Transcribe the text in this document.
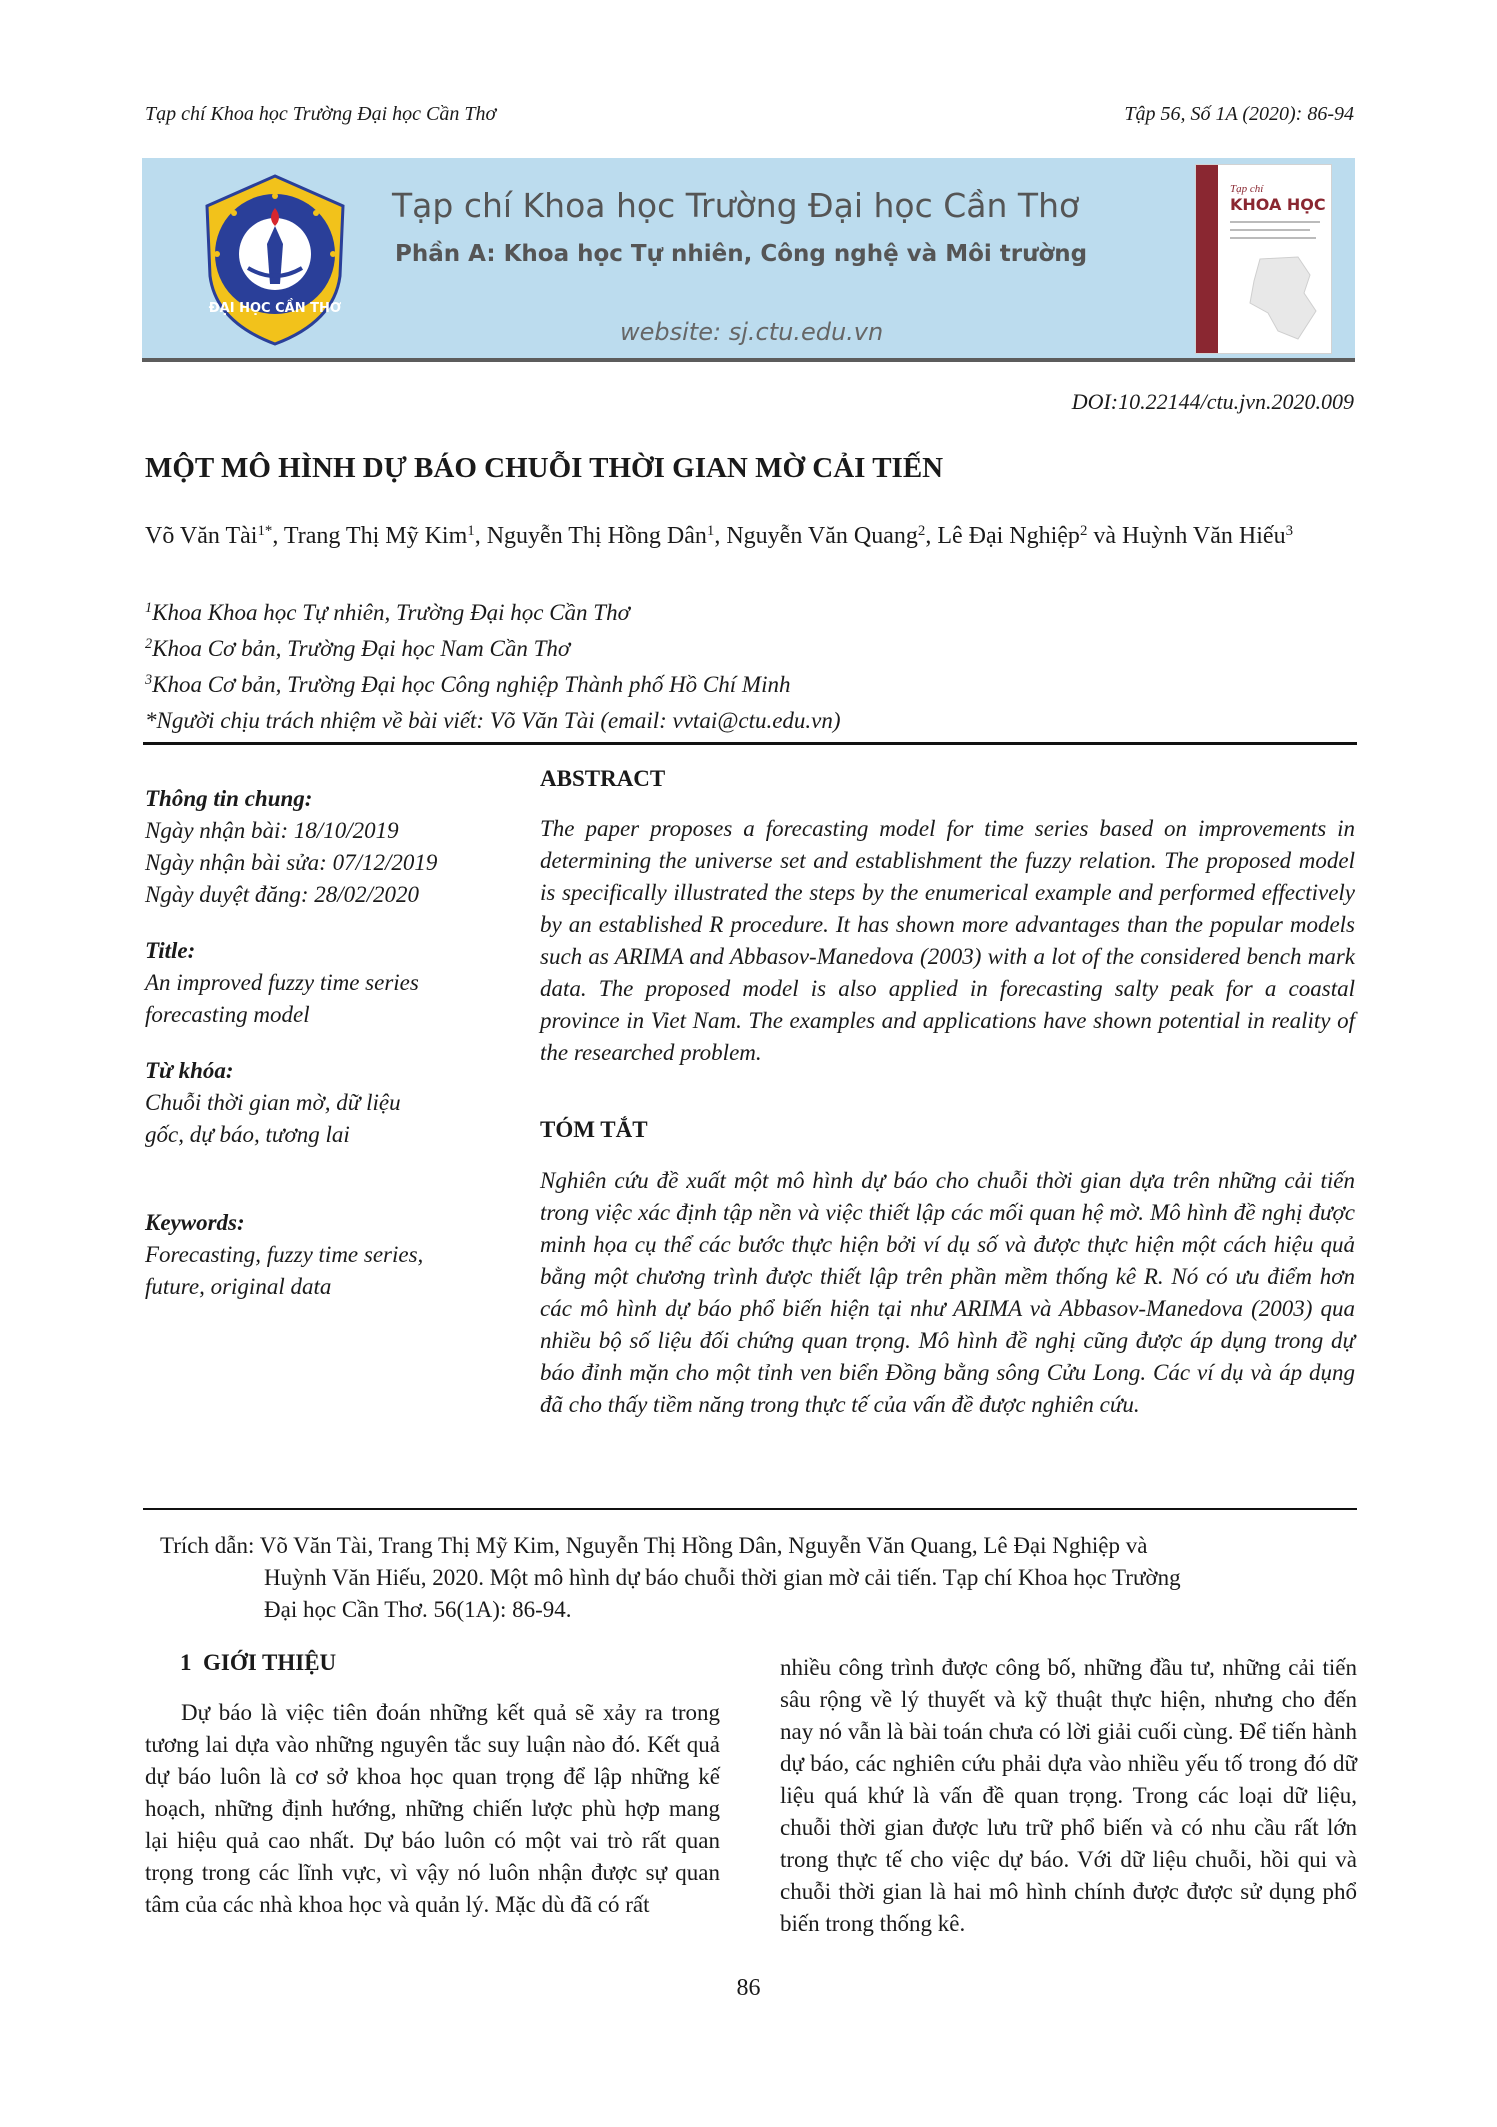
Tạp chí Khoa học Trường Đại học Cần Thơ	Tập 56, Số 1A (2020): 86-94
ĐẠI HỌC CẦN THƠ
Tạp chí Khoa học Trường Đại học Cần Thơ
Phần A: Khoa học Tự nhiên, Công nghệ và Môi trường
website: sj.ctu.edu.vn
Tạp chí
KHOA HỌC
DOI:10.22144/ctu.jvn.2020.009
MỘT MÔ HÌNH DỰ BÁO CHUỖI THỜI GIAN MỜ CẢI TIẾN
Võ Văn Tài$^{1*}$, Trang Thị Mỹ Kim$^1$, Nguyễn Thị Hồng Dân$^1$, Nguyễn Văn Quang$^2$, Lê Đại Nghiệp$^2$ và Huỳnh Văn Hiếu$^3$
$^1$Khoa Khoa học Tự nhiên, Trường Đại học Cần Thơ
$^2$Khoa Cơ bản, Trường Đại học Nam Cần Thơ
$^3$Khoa Cơ bản, Trường Đại học Công nghiệp Thành phố Hồ Chí Minh
*Người chịu trách nhiệm về bài viết: Võ Văn Tài (email: vvtai@ctu.edu.vn)
Thông tin chung:
Ngày nhận bài: 18/10/2019
Ngày nhận bài sửa: 07/12/2019
Ngày duyệt đăng: 28/02/2020
Title:
An improved fuzzy time series
forecasting model
Từ khóa:
Chuỗi thời gian mờ, dữ liệu
gốc, dự báo, tương lai
Keywords:
Forecasting, fuzzy time series,
future, original data
ABSTRACT
The paper proposes a forecasting model for time series based on improvements in determining the universe set and establishment the fuzzy relation. The proposed model is specifically illustrated the steps by the enumerical example and performed effectively by an established R procedure. It has shown more advantages than the popular models such as ARIMA and Abbasov-Manedova (2003) with a lot of the considered bench mark data. The proposed model is also applied in forecasting salty peak for a coastal province in Viet Nam. The examples and applications have shown potential in reality of the researched problem.
TÓM TẮT
Nghiên cứu đề xuất một mô hình dự báo cho chuỗi thời gian dựa trên những cải tiến trong việc xác định tập nền và việc thiết lập các mối quan hệ mờ. Mô hình đề nghị được minh họa cụ thể các bước thực hiện bởi ví dụ số và được thực hiện một cách hiệu quả bằng một chương trình được thiết lập trên phần mềm thống kê R. Nó có ưu điểm hơn các mô hình dự báo phổ biến hiện tại như ARIMA và Abbasov-Manedova (2003) qua nhiều bộ số liệu đối chứng quan trọng. Mô hình đề nghị cũng được áp dụng trong dự báo đỉnh mặn cho một tỉnh ven biển Đồng bằng sông Cửu Long. Các ví dụ và áp dụng đã cho thấy tiềm năng trong thực tế của vấn đề được nghiên cứu.
Trích dẫn: Võ Văn Tài, Trang Thị Mỹ Kim, Nguyễn Thị Hồng Dân, Nguyễn Văn Quang, Lê Đại Nghiệp và
Huỳnh Văn Hiếu, 2020. Một mô hình dự báo chuỗi thời gian mờ cải tiến. Tạp chí Khoa học Trường
Đại học Cần Thơ. 56(1A): 86-94.
1 GIỚI THIỆU
Dự báo là việc tiên đoán những kết quả sẽ xảy ra trong tương lai dựa vào những nguyên tắc suy luận nào đó. Kết quả dự báo luôn là cơ sở khoa học quan trọng để lập những kế hoạch, những định hướng, những chiến lược phù hợp mang lại hiệu quả cao nhất. Dự báo luôn có một vai trò rất quan trọng trong các lĩnh vực, vì vậy nó luôn nhận được sự quan tâm của các nhà khoa học và quản lý. Mặc dù đã có rất
nhiều công trình được công bố, những đầu tư, những cải tiến sâu rộng về lý thuyết và kỹ thuật thực hiện, nhưng cho đến nay nó vẫn là bài toán chưa có lời giải cuối cùng. Để tiến hành dự báo, các nghiên cứu phải dựa vào nhiều yếu tố trong đó dữ liệu quá khứ là vấn đề quan trọng. Trong các loại dữ liệu, chuỗi thời gian được lưu trữ phổ biến và có nhu cầu rất lớn trong thực tế cho việc dự báo. Với dữ liệu chuỗi, hồi qui và chuỗi thời gian là hai mô hình chính được được sử dụng phổ biến trong thống kê.
86
